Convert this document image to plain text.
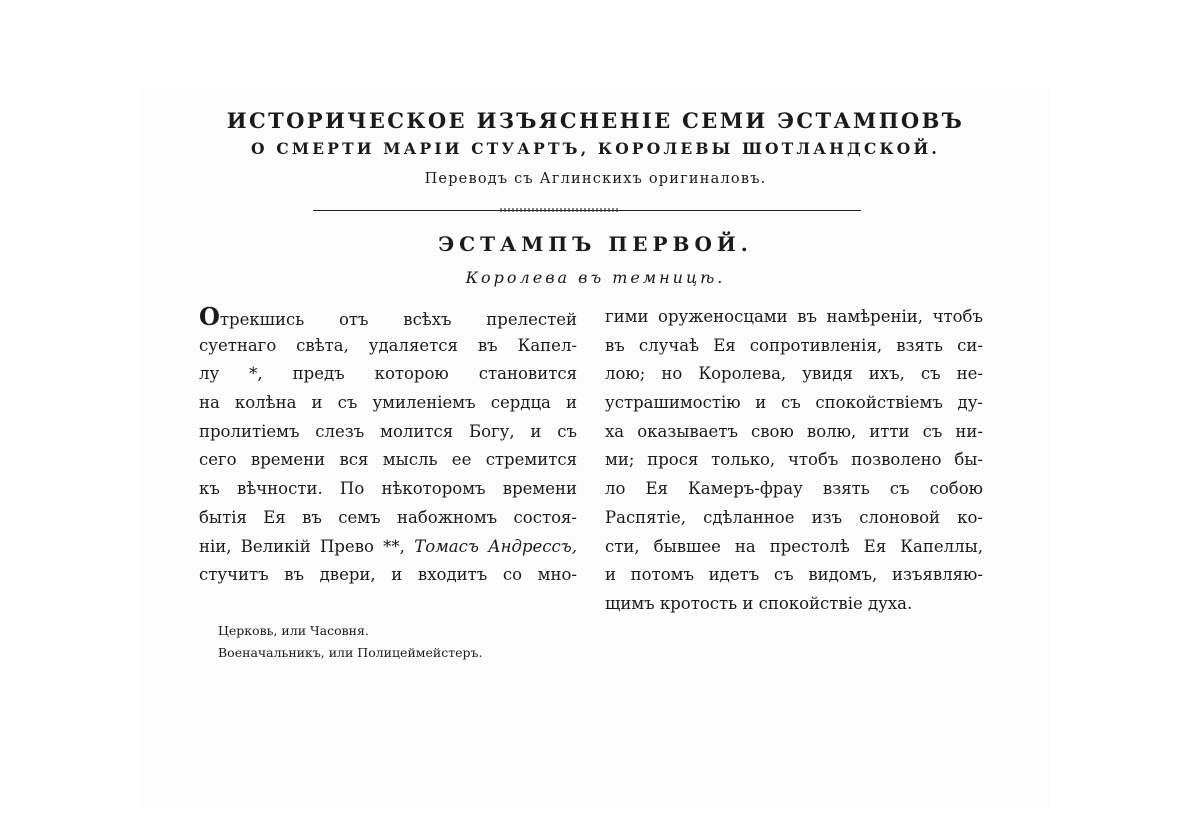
ИСТОРИЧЕСКОЕ ИЗЪЯСНЕНІЕ СЕМИ ЭСТАМПОВЪ
О СМЕРТИ МАРІИ СТУАРТЪ, КОРОЛЕВЫ ШОТЛАНДСКОЙ.
Переводъ съ Аглинскихъ оригиналовъ.
ЭСТАМПЪ ПЕРВОЙ.
Королева въ темницѣ.
Отрекшись отъ всѣхъ прелестей
суетнаго свѣта, удаляется въ Капел-
лу *, предъ которою становится
на колѣна и съ умиленіемъ сердца и
пролитіемъ слезъ молится Богу, и съ
сего времени вся мысль ее стремится
къ вѣчности. По нѣкоторомъ времени
бытія Ея въ семъ набожномъ состоя-
ніи, Великій Прево **, Томасъ Андрессъ,
стучитъ въ двери, и входитъ со мно-
гими оруженосцами въ намѣреніи, чтобъ
въ случаѣ Ея сопротивленія, взять си-
лою; но Королева, увидя ихъ, съ не-
устрашимостію и съ спокойствіемъ ду-
ха оказываетъ свою волю, итти съ ни-
ми; прося только, чтобъ позволено бы-
ло Ея Камеръ-фрау взять съ собою
Распятіе, сдѣланное изъ слоновой ко-
сти, бывшее на престолѣ Ея Капеллы,
и потомъ идетъ съ видомъ, изъявляю-
щимъ кротость и спокойствіе духа.
Церковь, или Часовня.
Военачальникъ, или Полицеймейстеръ.
